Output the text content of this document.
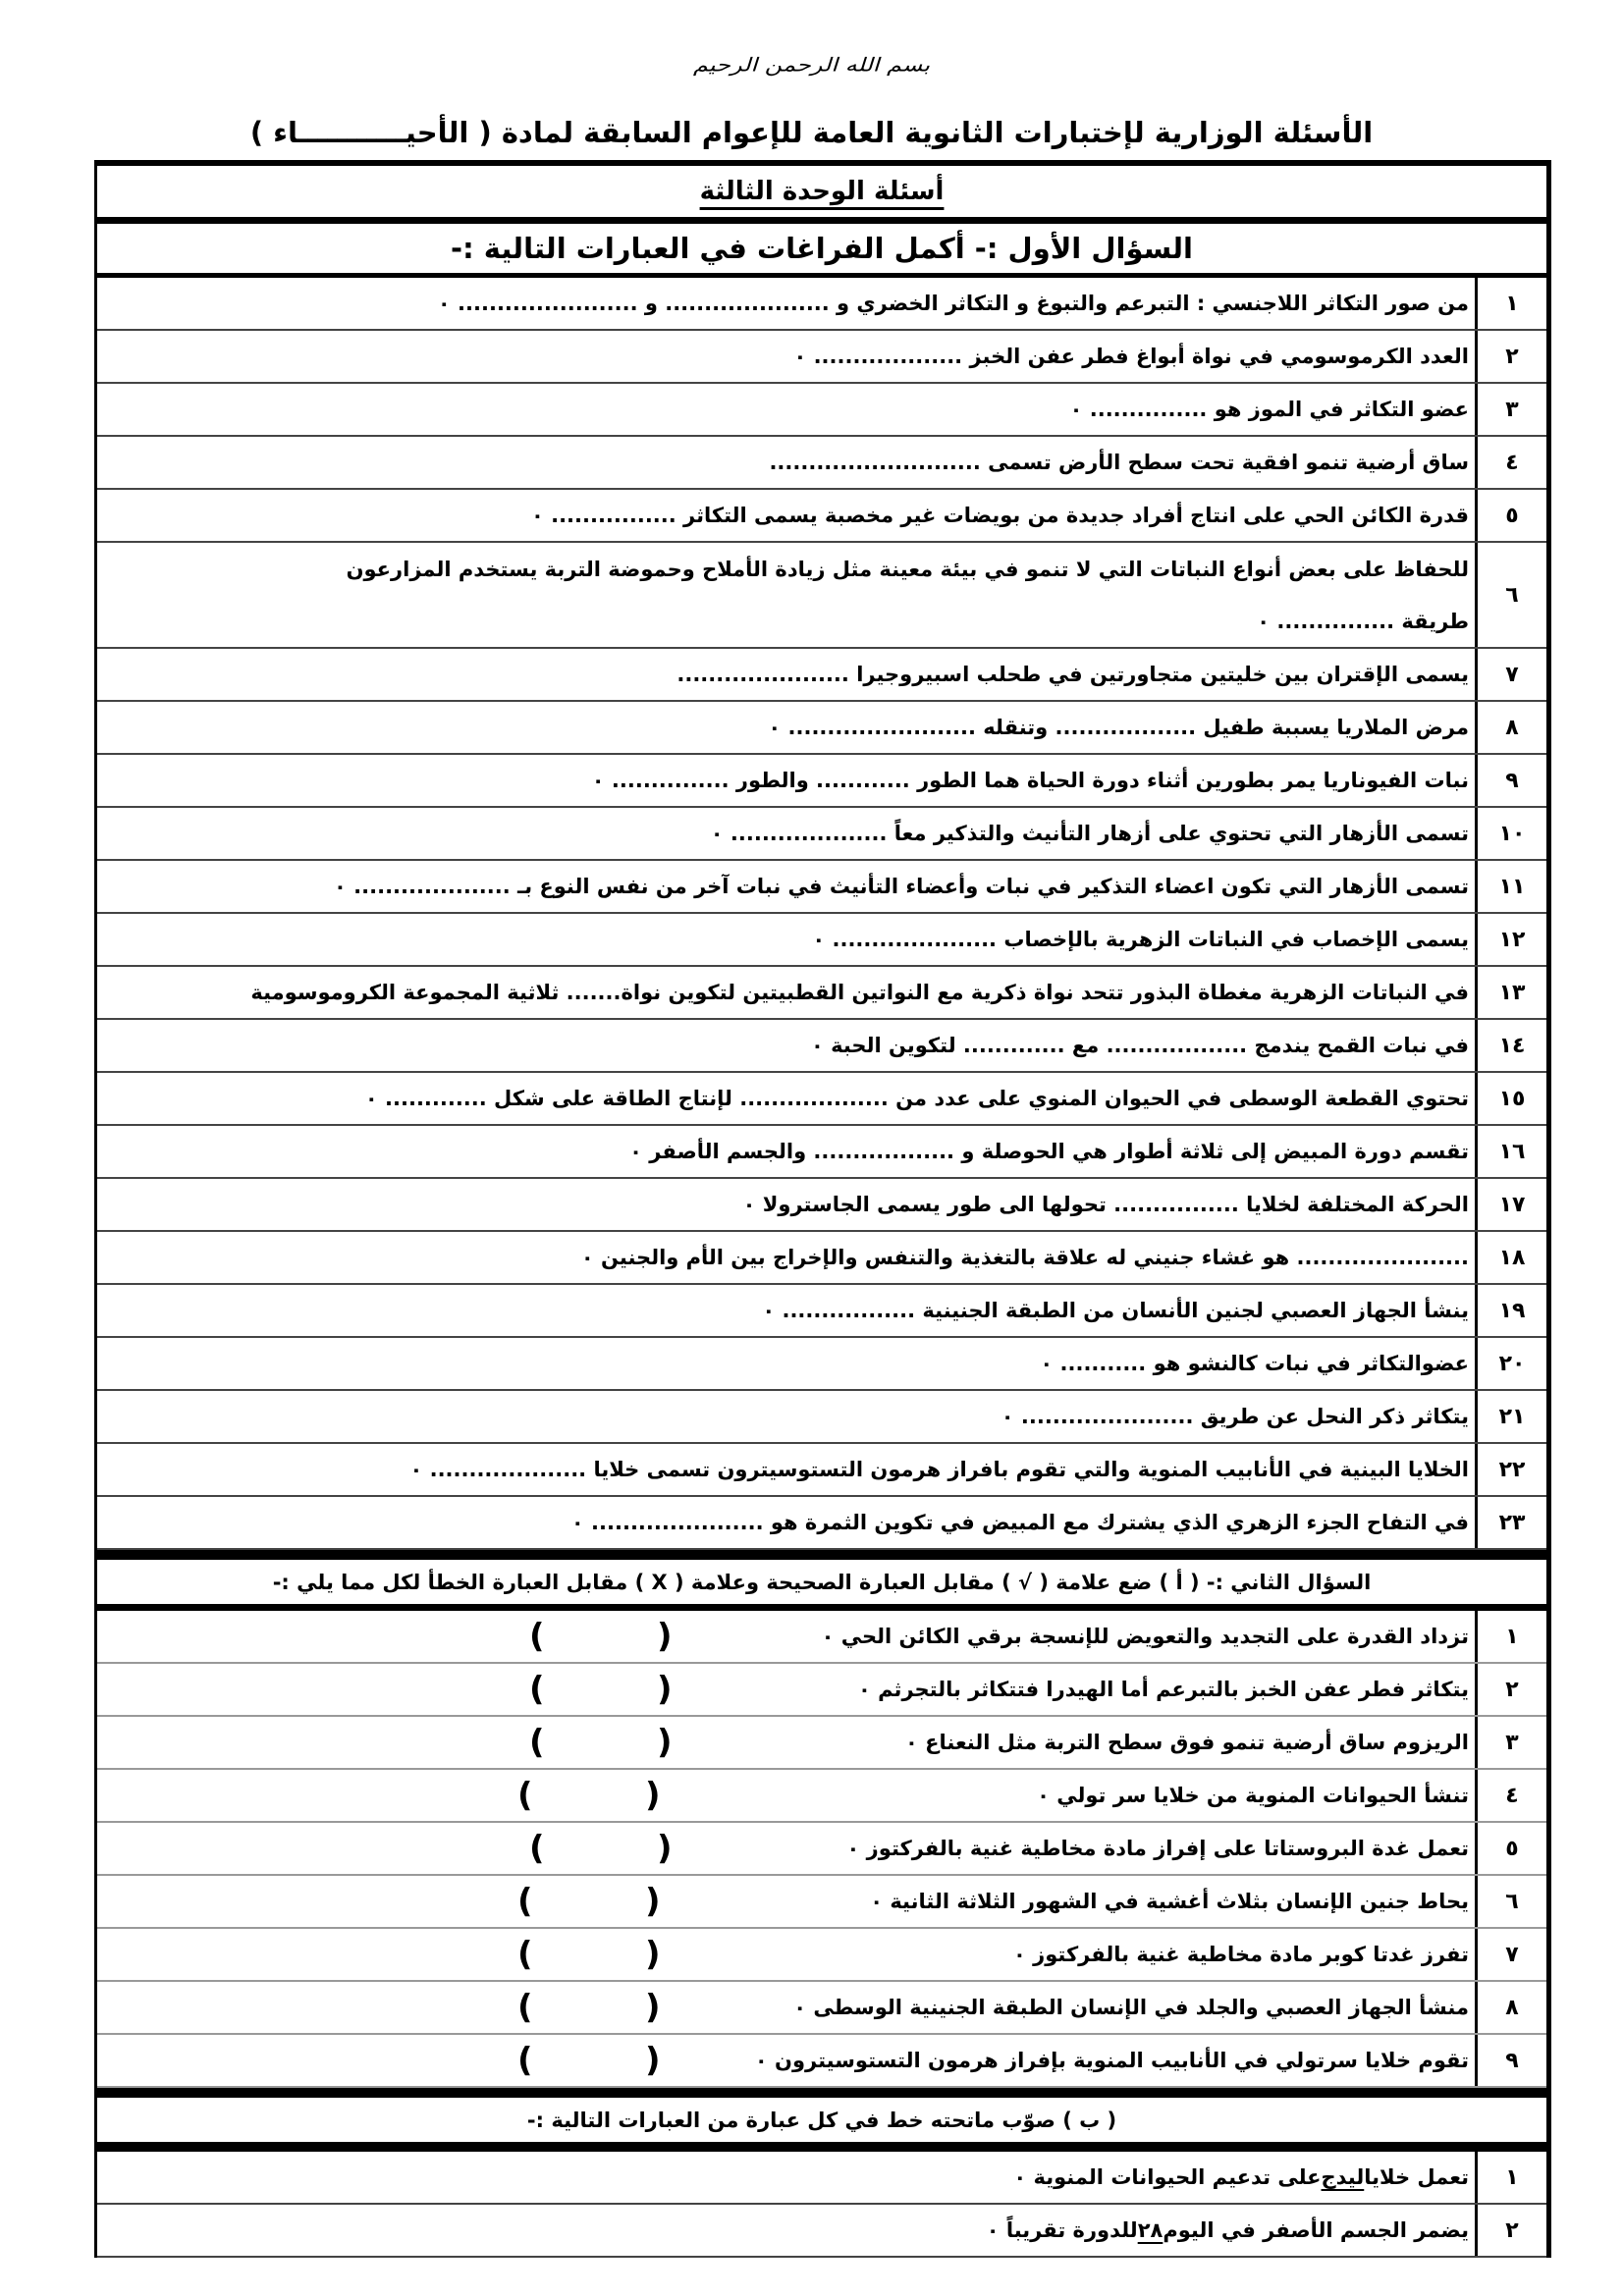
بسم الله الرحمن الرحيم
الأسئلة الوزارية لإختبارات الثانوية العامة للإعوام السابقة لمادة ( الأحيـــــــــــاء )
أسئلة الوحدة الثالثة
السؤال الأول :- أكمل الفراغات في العبارات التالية :-
١
من صور التكاثر اللاجنسي : التبرعم والتبوغ و التكاثر الخضري و ..................... و ....................... ٠
٢
العدد الكرموسومي في نواة أبواغ فطر عفن الخبز ................... ٠
٣
عضو التكاثر في الموز هو ............... ٠
٤
ساق أرضية تنمو افقية تحت سطح الأرض تسمى ...........................
٥
قدرة الكائن الحي على انتاج أفراد جديدة من بويضات غير مخصبة يسمى التكاثر ................ ٠
٦
للحفاظ على بعض أنواع النباتات التي لا تنمو في بيئة معينة مثل زيادة الأملاح وحموضة التربة يستخدم المزارعون
طريقة ............... ٠
٧
يسمى الإقتران بين خليتين متجاورتين في طحلب اسبيروجيرا ......................
٨
مرض الملاريا يسببة طفيل .................. وتنقله ........................ ٠
٩
نبات الفيوناريا يمر بطورين أثناء دورة الحياة هما الطور ............ والطور ............... ٠
١٠
تسمى الأزهار التي تحتوي على أزهار التأنيث والتذكير معاً .................... ٠
١١
تسمى الأزهار التي تكون اعضاء التذكير في نبات وأعضاء التأنيث في نبات آخر من نفس النوع بـ .................... ٠
١٢
يسمى الإخصاب في النباتات الزهرية بالإخصاب ..................... ٠
١٣
في النباتات الزهرية مغطاة البذور تتحد نواة ذكرية مع النواتين القطبيتين لتكوين نواة....... ثلاثية المجموعة الكروموسومية
١٤
في نبات القمح يندمج .................. مع ............. لتكوين الحبة ٠
١٥
تحتوي القطعة الوسطى في الحيوان المنوي على عدد من ................... لإنتاج الطاقة على شكل ............. ٠
١٦
تقسم دورة المبيض إلى ثلاثة أطوار هي الحوصلة و .................. والجسم الأصفر ٠
١٧
الحركة المختلفة لخلايا ................ تحولها الى طور يسمى الجاسترولا ٠
١٨
...................... هو غشاء جنيني له علاقة بالتغذية والتنفس والإخراج بين الأم والجنين ٠
١٩
ينشأ الجهاز العصبي لجنين الأنسان من الطبقة الجنينية ................. ٠
٢٠
عضوالتكاثر في نبات كالنشو هو ........... ٠
٢١
يتكاثر ذكر النحل عن طريق ...................... ٠
٢٢
الخلايا البينية في الأنابيب المنوية والتي تقوم بافراز هرمون التستوسيترون تسمى خلايا .................... ٠
٢٣
في التفاح الجزء الزهري الذي يشترك مع المبيض في تكوين الثمرة هو ...................... ٠
السؤال الثاني :- ( أ ) ضع علامة ( √ ) مقابل العبارة الصحيحة وعلامة ( X ) مقابل العبارة الخطأ لكل مما يلي :-
١
تزداد القدرة على التجديد والتعويض للإنسجة برقي الكائن الحي ٠
(
)
٢
يتكاثر فطر عفن الخبز بالتبرعم أما الهيدرا فتتكاثر بالتجرثم ٠
(
)
٣
الريزوم ساق أرضية تنمو فوق سطح التربة مثل النعناع ٠
(
)
٤
تنشأ الحيوانات المنوية من خلايا سر تولي ٠
(
)
٥
تعمل غدة البروستاتا على إفراز مادة مخاطية غنية بالفركتوز ٠
(
)
٦
يحاط جنين الإنسان بثلاث أغشية في الشهور الثلاثة الثانية ٠
(
)
٧
تفرز غدتا كوبر مادة مخاطية غنية بالفركتوز ٠
(
)
٨
منشأ الجهاز العصبي والجلد في الإنسان الطبقة الجنينية الوسطى ٠
(
)
٩
تقوم خلايا سرتولي في الأنابيب المنوية بإفراز هرمون التستوسيترون ٠
(
)
( ب ) صوّب ماتحته خط في كل عبارة من العبارات التالية :-
١
تعمل خلايا
ليدج
على تدعيم الحيوانات المنوية ٠
٢
يضمر الجسم الأصفر في اليوم
٢٨
للدورة تقريباً ٠
